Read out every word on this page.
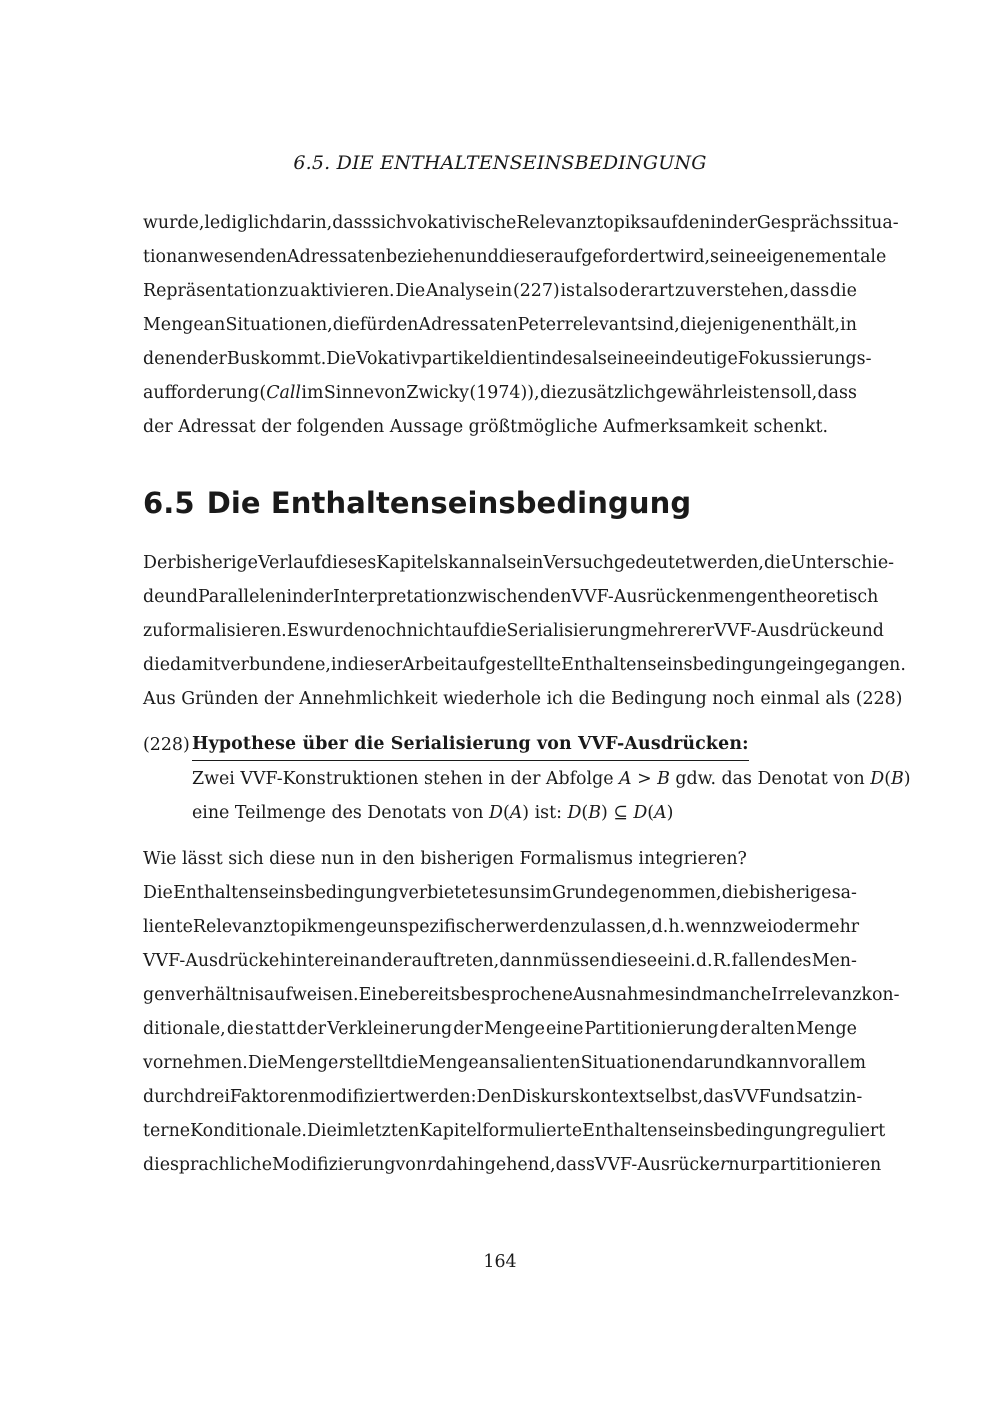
6.5. DIE ENTHALTENSEINSBEDINGUNG
wurde, lediglich darin, dass sich vokativische Relevanztopiks auf den in der Gesprächssitua-
tion anwesenden Adressaten beziehen und dieser aufgefordert wird, seine eigene mentale
Repräsentation zu aktivieren. Die Analyse in (227) ist also derart zu verstehen, dass die
Menge an Situationen, die für den Adressaten Peter relevant sind, diejenigen enthält, in
denen der Bus kommt. Die Vokativpartikel dient indes als eine eindeutige Fokussierungs-
aufforderung (Call im Sinne von Zwicky (1974)), die zusätzlich gewährleisten soll, dass
der Adressat der folgenden Aussage größtmögliche Aufmerksamkeit schenkt.
6.5 Die Enthaltenseinsbedingung
Der bisherige Verlauf dieses Kapitels kann als ein Versuch gedeutet werden, die Unterschie-
de und Parallelen in der Interpretation zwischen den VVF-Ausrücken mengentheoretisch
zu formalisieren. Es wurde noch nicht auf die Serialisierung mehrerer VVF-Ausdrücke und
die damit verbundene, in dieser Arbeit aufgestellte Enthaltenseinsbedingung eingegangen.
Aus Gründen der Annehmlichkeit wiederhole ich die Bedingung noch einmal als (228)
(228) Hypothese über die Serialisierung von VVF-Ausdrücken:
Zwei VVF-Konstruktionen stehen in der Abfolge A > B gdw. das Denotat von D(B)
eine Teilmenge des Denotats von D(A) ist: D(B) ⊆ D(A)
Wie lässt sich diese nun in den bisherigen Formalismus integrieren?
Die Enthaltenseinsbedingung verbietet es uns im Grunde genommen, die bisherige sa-
liente Relevanztopikmenge unspezifischer werden zu lassen, d. h. wenn zwei oder mehr
VVF-Ausdrücke hintereinander auftreten, dann müssen diese ein i. d. R. fallendes Men-
genverhältnis aufweisen. Eine bereits besprochene Ausnahme sind manche Irrelevanzkon-
ditionale, die statt der Verkleinerung der Menge eine Partitionierung der alten Menge
vornehmen. Die Menge r stellt die Menge an salienten Situationen dar und kann vor allem
durch drei Faktoren modifiziert werden: Den Diskurskontext selbst, das VVF und satzin-
terne Konditionale. Die im letzten Kapitel formulierte Enthaltenseinsbedingung reguliert
die sprachliche Modifizierung von r dahingehend, dass VVF-Ausrücke r nur partitionieren
164
